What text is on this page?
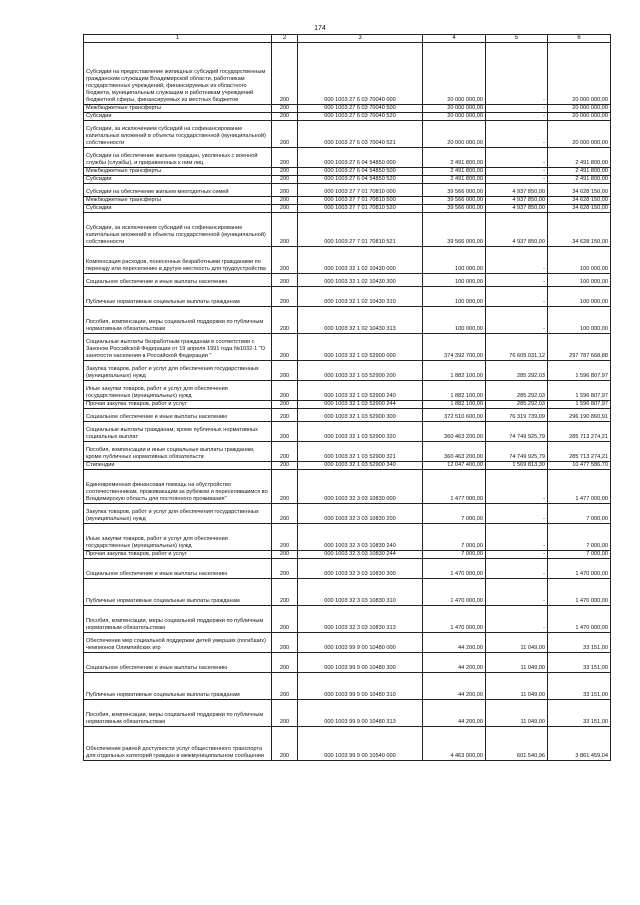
174
1	2	3	4	5	6
Субсидии на предоставление жилищных субсидий государственным гражданским служащим Владимирской области, работникам государственных учреждений, финансируемых из областного бюджета, муниципальным служащим и работникам учреждений бюджетной сферы, финансируемых из местных бюджетов	200	000 1003 27 6 03 70040 000	20 000 000,00	-	20 000 000,00
Межбюджетные трансферты	200	000 1003 27 6 03 70040 500	20 000 000,00	-	20 000 000,00
Субсидии	200	000 1003 27 6 03 70040 520	20 000 000,00	-	20 000 000,00
Субсидии, за исключением субсидий на софинансирование капитальных вложений в объекты государственной (муниципальной) собственности	200	000 1003 27 6 03 70040 521	20 000 000,00	-	20 000 000,00
Субсидии на обеспечение жильем граждан, уволенных с военной службы (службы), и приравненных к ним лиц	200	000 1003 27 6 04 54850 000	2 491 800,00	-	2 491 800,00
Межбюджетные трансферты	200	000 1003 27 6 04 54850 500	2 491 800,00	-	2 491 800,00
Субсидии	200	000 1003 27 6 04 54850 520	2 491 800,00	-	2 491 800,00
Субсидии на обеспечение жильем многодетных семей	200	000 1003 27 7 01 70810 000	39 566 000,00	4 937 850,00	34 628 150,00
Межбюджетные трансферты	200	000 1003 27 7 01 70810 500	39 566 000,00	4 937 850,00	34 628 150,00
Субсидии	200	000 1003 27 7 01 70810 520	39 566 000,00	4 937 850,00	34 628 150,00
Субсидии, за исключением субсидий на софинансирование капитальных вложений в объекты государственной (муниципальной) собственности	200	000 1003 27 7 01 70810 521	39 566 000,00	4 937 850,00	34 628 150,00
Компенсация расходов, понесенных безработными гражданами по переезду или переселению в другую местность для трудоустройства	200	000 1003 32 1 02 10430 000	100 000,00	-	100 000,00
Социальное обеспечение и иные выплаты населению	200	000 1003 32 1 02 10430 300	100 000,00	-	100 000,00
Публичные нормативные социальные выплаты гражданам	200	000 1003 32 1 02 10430 310	100 000,00	-	100 000,00
Пособия, компенсации, меры социальной поддержки по публичным нормативным обязательствам	200	000 1003 32 1 02 10430 313	100 000,00	-	100 000,00
Социальные выплаты безработным гражданам в соответствии с Законом Российской Федерации от 19 апреля 1991 года №1032-1 "О занятости населения в Российской Федерации "	200	000 1003 32 1 03 52900 000	374 392 700,00	76 605 031,12	297 787 668,88
Закупка товаров, работ и услуг для обеспечения государственных (муниципальных) нужд	200	000 1003 32 1 03 52900 200	1 882 100,00	285 292,03	1 596 807,97
Иные закупки товаров, работ и услуг для обеспечения государственных (муниципальных) нужд	200	000 1003 32 1 03 52900 240	1 882 100,00	285 292,03	1 596 807,97
Прочая закупка товаров, работ и услуг	200	000 1003 32 1 03 52900 244	1 882 100,00	285 292,03	1 596 807,97
Социальное обеспечение и иные выплаты населению	200	000 1003 32 1 03 52900 300	372 510 600,00	76 319 739,09	296 190 860,91
Социальные выплаты гражданам, кроме публичных нормативных социальных выплат	200	000 1003 32 1 03 52900 320	360 463 200,00	74 749 925,79	285 713 274,21
Пособия, компенсации и иные социальные выплаты гражданам, кроме публичных нормативных обязательств	200	000 1003 32 1 03 52900 321	360 463 200,00	74 749 925,79	285 713 274,21
Стипендии	200	000 1003 32 1 03 52900 340	12 047 400,00	1 569 813,30	10 477 586,70
Единовременная финансовая помощь на обустройство соотечественникам, проживающим за рубежом и переселившимся во Владимирскую область для постоянного проживания"	200	000 1003 32 3 03 10830 000	1 477 000,00	-	1 477 000,00
Закупка товаров, работ и услуг для обеспечения государственных (муниципальных) нужд	200	000 1003 32 3 03 10830 200	7 000,00	-	7 000,00
Иные закупки товаров, работ и услуг для обеспечения государственных (муниципальных) нужд	200	000 1003 32 3 03 10830 240	7 000,00	-	7 000,00
Прочая закупка товаров, работ и услуг	200	000 1003 32 3 03 10830 244	7 000,00	-	7 000,00
Социальное обеспечение и иные выплаты населению	200	000 1003 32 3 03 10830 300	1 470 000,00	-	1 470 000,00
Публичные нормативные социальные выплаты гражданам	200	000 1003 32 3 03 10830 310	1 470 000,00	-	1 470 000,00
Пособия, компенсации, меры социальной поддержки по публичным нормативным обязательствам	200	000 1003 32 3 03 10830 313	1 470 000,00	-	1 470 000,00
Обеспечение мер социальной поддержки детей умерших (погибших) чемпионов Олимпийских игр	200	000 1003 99 9 00 10480 000	44 200,00	11 049,00	33 151,00
Социальное обеспечение и иные выплаты населению	200	000 1003 99 9 00 10480 300	44 200,00	11 049,00	33 151,00
Публичные нормативные социальные выплаты гражданам	200	000 1003 99 9 00 10480 310	44 200,00	11 049,00	33 151,00
Пособия, компенсации, меры социальной поддержки по публичным нормативным обязательствам	200	000 1003 99 9 00 10480 313	44 200,00	11 049,00	33 151,00
Обеспечение равной доступности услуг общественного транспорта для отдельных категорий граждан в межмуниципальном сообщении	200	000 1003 99 9 00 10540 000	4 463 000,00	601 540,96	3 861 459,04
